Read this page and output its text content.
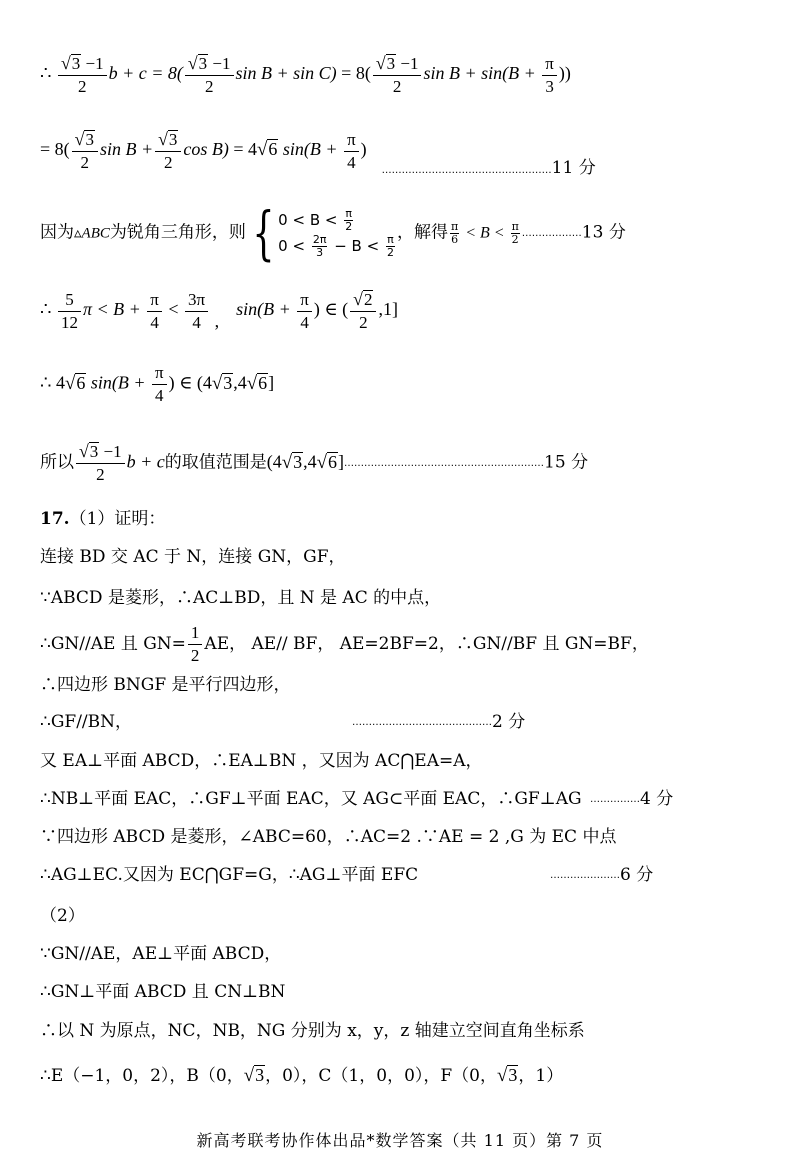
∴ $\frac{√3 -1}{2}$ $b + c = 8( \frac{√3 -1}{2}$ $\sin B + \sin C) = 8( \frac{√3 -1}{2}$ $\sin B + \sin(B + \frac{\pi}{3}$ ))
= $8( \frac{√3}{2}$ $\sin B + \frac{√3}{2}$ cos B) = 4√6 $\sin(B + \frac{\pi}{4}$ )  ……………………………………………11 分
因为▵ABC为锐角三角形，则 { $0 < B < \frac{\pi}{2}$
$0 < \frac{2\pi}{3} - B < \frac{\pi}{2}$
，解得 $\frac{\pi}{6} < B < \frac{\pi}{2}$ ………………13 分
∴ $\frac{5}{12}$ $\pi < B + \frac{\pi}{4} < \frac{3\pi}{4}$ ,  $\sin(B + \frac{\pi}{4}$ ) ∈ ( $\frac{√2}{2} ,1$]
∴ 4√6 $\sin(B + \frac{\pi}{4}$ ) ∈ (4√3,4√6]
所以 $\frac{√3 -1}{2}$ b + c的取值范围是(4√3,4√6]……………………………………………………15 分
17.（1）证明：
连接 BD 交 AC 于 N，连接 GN，GF，
∵ABCD 是菱形，∴AC⊥BD，且 N 是 AC 的中点，
∴GN//AE 且 $GN= \frac{1}{2}$ AE， AE// BF， AE=2BF=2，∴GN//BF 且 GN=BF，
∴四边形 BNGF 是平行四边形，
∴GF//BN，	……………………………………2 分
又 EA⊥平面 ABCD，∴EA⊥BN ，又因为 AC⋂EA=A，
∴NB⊥平面 EAC，∴GF⊥平面 EAC，又 AG⊂平面 EAC，∴GF⊥AG ……………4 分
∵四边形 ABCD 是菱形，∠ABC=60，∴AC=2 .∵AE = 2 ,G 为 EC 中点
∴AG⊥EC.又因为 EC⋂GF=G，∴AG⊥平面 EFC	…………………6 分
（2）
∵GN//AE，AE⊥平面 ABCD，
∴GN⊥平面 ABCD 且 CN⊥BN
∴以 N 为原点，NC，NB，NG 分别为 x，y，z 轴建立空间直角坐标系
∴E（−1，0，2），B（0，√3，0），C（1，0，0），F（0，√3，1）
新高考联考协作体出品*数学答案（共 11 页）第 7 页
